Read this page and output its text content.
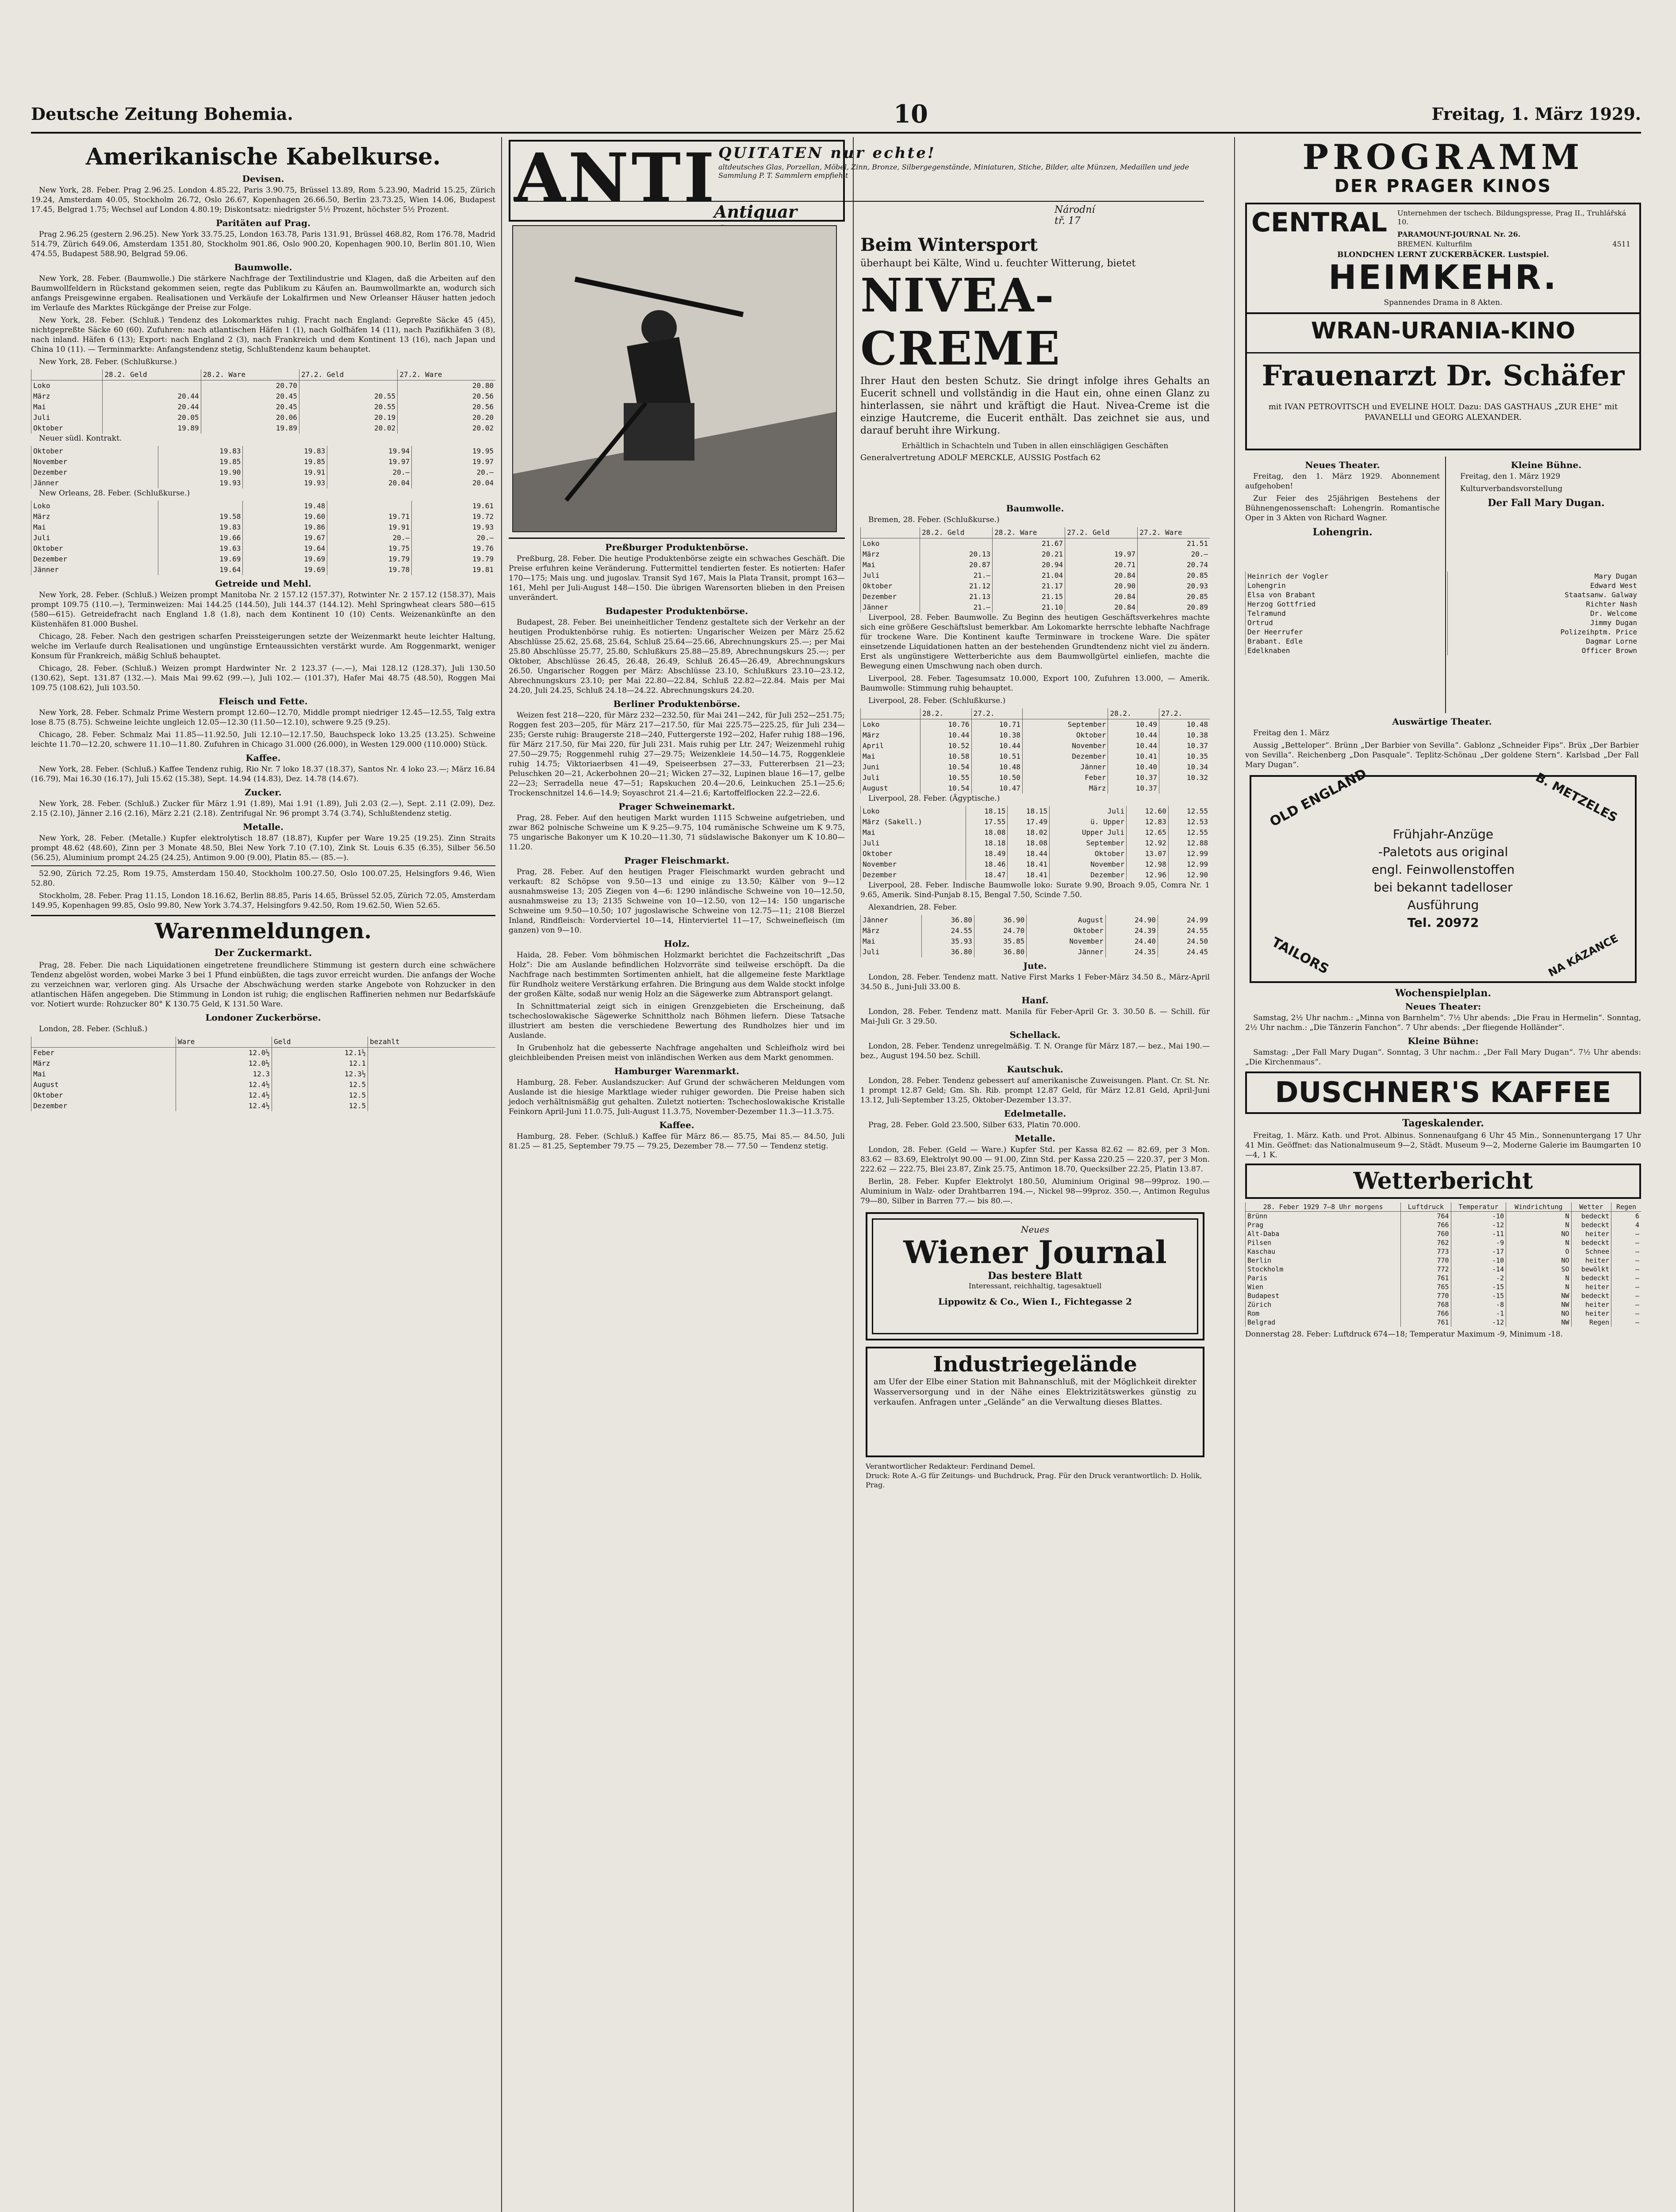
Deutsche Zeitung Bohemia.	10	Freitag, 1. März 1929.
Amerikanische Kabelkurse.
Devisen.

New York, 28. Feber. Prag 2.96.25. London 4.85.22, Paris 3.90.75, Brüssel 13.89, Rom 5.23.90, Madrid 15.25, Zürich 19.24, Amsterdam 40.05, Stockholm 26.72, Oslo 26.67, Kopenhagen 26.66.50, Berlin 23.73.25, Wien 14.06, Budapest 17.45, Belgrad 1.75; Wechsel auf London 4.80.19; Diskontsatz: niedrigster 5½ Prozent, höchster 5½ Prozent.

Paritäten auf Prag.

Prag 2.96.25 (gestern 2.96.25). New York 33.75.25, London 163.78, Paris 131.91, Brüssel 468.82, Rom 176.78, Madrid 514.79, Zürich 649.06, Amsterdam 1351.80, Stockholm 901.86, Oslo 900.20, Kopenhagen 900.10, Berlin 801.10, Wien 474.55, Budapest 588.90, Belgrad 59.06.

Baumwolle.

New York, 28. Feber. (Baumwolle.) Die stärkere Nachfrage der Textilindustrie und Klagen, daß die Arbeiten auf den Baumwollfeldern in Rückstand gekommen seien, regte das Publikum zu Käufen an. Baumwollmarkte an, wodurch sich anfangs Preisgewinne ergaben. Realisationen und Verkäufe der Lokalfirmen und New Orleanser Häuser hatten jedoch im Verlaufe des Marktes Rückgänge der Preise zur Folge.

New York, 28. Feber. (Schluß.) Tendenz des Lokomarktes ruhig. Fracht nach England: Gepreßte Säcke 45 (45), nichtgepreßte Säcke 60 (60). Zufuhren: nach atlantischen Häfen 1 (1), nach Golfhäfen 14 (11), nach Pazifikhäfen 3 (8), nach inland. Häfen 6 (13); Export: nach England 2 (3), nach Frankreich und dem Kontinent 13 (16), nach Japan und China 10 (11). — Terminmarkte: Anfangstendenz stetig, Schlußtendenz kaum behauptet.

New York, 28. Feber. (Schlußkurse.)

	28.2. Geld	28.2. Ware	27.2. Geld	27.2. Ware
Loko		20.70		20.80
März	20.44	20.45	20.55	20.56
Mai	20.44	20.45	20.55	20.56
Juli	20.05	20.06	20.19	20.20
Oktober	19.89	19.89	20.02	20.02

Neuer südl. Kontrakt.

Oktober	19.83	19.83	19.94	19.95
November	19.85	19.85	19.97	19.97
Dezember	19.90	19.91	20.—	20.—
Jänner	19.93	19.93	20.04	20.04

New Orleans, 28. Feber. (Schlußkurse.)

Loko		19.48		19.61
März	19.58	19.60	19.71	19.72
Mai	19.83	19.86	19.91	19.93
Juli	19.66	19.67	20.—	20.—
Oktober	19.63	19.64	19.75	19.76
Dezember	19.69	19.69	19.79	19.79
Jänner	19.64	19.69	19.78	19.81
Getreide und Mehl.

New York, 28. Feber. (Schluß.) Weizen prompt Manitoba Nr. 2 157.12 (157.37), Rotwinter Nr. 2 157.12 (158.37), Mais prompt 109.75 (110.—), Terminweizen: Mai 144.25 (144.50), Juli 144.37 (144.12). Mehl Springwheat clears 580—615 (580—615). Getreidefracht nach England 1.8 (1.8), nach dem Kontinent 10 (10) Cents. Weizenankünfte an den Küstenhäfen 81.000 Bushel.

Chicago, 28. Feber. Nach den gestrigen scharfen Preissteigerungen setzte der Weizenmarkt heute leichter Haltung, welche im Verlaufe durch Realisationen und ungünstige Ernteaussichten verstärkt wurde. Am Roggenmarkt, weniger Konsum für Frankreich, mäßig Schluß behauptet.

Chicago, 28. Feber. (Schluß.) Weizen prompt Hardwinter Nr. 2 123.37 (—.—), Mai 128.12 (128.37), Juli 130.50 (130.62), Sept. 131.87 (132.—). Mais Mai 99.62 (99.—), Juli 102.— (101.37), Hafer Mai 48.75 (48.50), Roggen Mai 109.75 (108.62), Juli 103.50.

Fleisch und Fette.

New York, 28. Feber. Schmalz Prime Western prompt 12.60—12.70, Middle prompt niedriger 12.45—12.55, Talg extra lose 8.75 (8.75). Schweine leichte ungleich 12.05—12.30 (11.50—12.10), schwere 9.25 (9.25).

Chicago, 28. Feber. Schmalz Mai 11.85—11.92.50, Juli 12.10—12.17.50, Bauchspeck loko 13.25 (13.25). Schweine leichte 11.70—12.20, schwere 11.10—11.80. Zufuhren in Chicago 31.000 (26.000), in Westen 129.000 (110.000) Stück.

Kaffee.

New York, 28. Feber. (Schluß.) Kaffee Tendenz ruhig, Rio Nr. 7 loko 18.37 (18.37), Santos Nr. 4 loko 23.—; März 16.84 (16.79), Mai 16.30 (16.17), Juli 15.62 (15.38), Sept. 14.94 (14.83), Dez. 14.78 (14.67).

Zucker.

New York, 28. Feber. (Schluß.) Zucker für März 1.91 (1.89), Mai 1.91 (1.89), Juli 2.03 (2.—), Sept. 2.11 (2.09), Dez. 2.15 (2.10), Jänner 2.16 (2.16), März 2.21 (2.18). Zentrifugal Nr. 96 prompt 3.74 (3.74), Schlußtendenz stetig.

Metalle.

New York, 28. Feber. (Metalle.) Kupfer elektrolytisch 18.87 (18.87), Kupfer per Ware 19.25 (19.25). Zinn Straits prompt 48.62 (48.60), Zinn per 3 Monate 48.50, Blei New York 7.10 (7.10), Zink St. Louis 6.35 (6.35), Silber 56.50 (56.25), Aluminium prompt 24.25 (24.25), Antimon 9.00 (9.00), Platin 85.— (85.—).

52.90, Zürich 72.25, Rom 19.75, Amsterdam 150.40, Stockholm 100.27.50, Oslo 100.07.25, Helsingfors 9.46, Wien 52.80.

Stockholm, 28. Feber. Prag 11.15, London 18.16.62, Berlin 88.85, Paris 14.65, Brüssel 52.05, Zürich 72.05, Amsterdam 149.95, Kopenhagen 99.85, Oslo 99.80, New York 3.74.37, Helsingfors 9.42.50, Rom 19.62.50, Wien 52.65.

Warenmeldungen.
Der Zuckermarkt.

Prag, 28. Feber. Die nach Liquidationen eingetretene freundlichere Stimmung ist gestern durch eine schwächere Tendenz abgelöst worden, wobei Marke 3 bei 1 Pfund einbüßten, die tags zuvor erreicht wurden. Die anfangs der Woche zu verzeichnen war, verloren ging. Als Ursache der Abschwächung werden starke Angebote von Rohzucker in den atlantischen Häfen angegeben. Die Stimmung in London ist ruhig; die englischen Raffinerien nehmen nur Bedarfskäufe vor. Notiert wurde: Rohzucker 80° K 130.75 Geld, K 131.50 Ware.

Londoner Zuckerbörse.

London, 28. Feber. (Schluß.)

	Ware	Geld	bezahlt
Feber	12.0½	12.1½	
März	12.0½	12.1	
Mai	12.3	12.3½	
August	12.4½	12.5	
Oktober	12.4½	12.5	
Dezember	12.4½	12.5	
ANTI QUITATEN nur echte!
altdeutsches Glas, Porzellan, Möbel, Zinn, Bronze, Silbergegenstände, Miniaturen, Stiche, Bilder, alte Münzen, Medaillen und jede Sammlung P. T. Sammlern empfiehlt
Antiquar	Národní tř. 17
Preßburger Produktenbörse.

Preßburg, 28. Feber. Die heutige Produktenbörse zeigte ein schwaches Geschäft. Die Preise erfuhren keine Veränderung. Futtermittel tendierten fester. Es notierten: Hafer 170—175; Mais ung. und jugoslav. Transit Syd 167, Mais la Plata Transit, prompt 163—161, Mehl per Juli-August 148—150. Die übrigen Warensorten blieben in den Preisen unverändert.

Budapester Produktenbörse.

Budapest, 28. Feber. Bei uneinheitlicher Tendenz gestaltete sich der Verkehr an der heutigen Produktenbörse ruhig. Es notierten: Ungarischer Weizen per März 25.62 Abschlüsse 25.62, 25.68, 25.64, Schluß 25.64—25.66, Abrechnungskurs 25.—; per Mai 25.80 Abschlüsse 25.77, 25.80, Schlußkurs 25.88—25.89, Abrechnungskurs 25.—; per Oktober, Abschlüsse 26.45, 26.48, 26.49, Schluß 26.45—26.49, Abrechnungskurs 26.50. Ungarischer Roggen per März: Abschlüsse 23.10, Schlußkurs 23.10—23.12, Abrechnungskurs 23.10; per Mai 22.80—22.84, Schluß 22.82—22.84. Mais per Mai 24.20, Juli 24.25, Schluß 24.18—24.22. Abrechnungskurs 24.20.

Berliner Produktenbörse.

Weizen fest 218—220, für März 232—232.50, für Mai 241—242, für Juli 252—251.75; Roggen fest 203—205, für März 217—217.50, für Mai 225.75—225.25, für Juli 234—235; Gerste ruhig: Braugerste 218—240, Futtergerste 192—202, Hafer ruhig 188—196, für März 217.50, für Mai 220, für Juli 231. Mais ruhig per Ltr. 247; Weizenmehl ruhig 27.50—29.75; Roggenmehl ruhig 27—29.75; Weizenkleie 14.50—14.75, Roggenkleie ruhig 14.75; Viktoriaerbsen 41—49, Speiseerbsen 27—33, Futtererbsen 21—23; Peluschken 20—21, Ackerbohnen 20—21; Wicken 27—32, Lupinen blaue 16—17, gelbe 22—23; Serradella neue 47—51; Rapskuchen 20.4—20.6, Leinkuchen 25.1—25.6; Trockenschnitzel 14.6—14.9; Soyaschrot 21.4—21.6; Kartoffelflocken 22.2—22.6.

Prager Schweinemarkt.

Prag, 28. Feber. Auf den heutigen Markt wurden 1115 Schweine aufgetrieben, und zwar 862 polnische Schweine um K 9.25—9.75, 104 rumänische Schweine um K 9.75, 75 ungarische Bakonyer um K 10.20—11.30, 71 südslawische Bakonyer um K 10.80—11.20.

Prager Fleischmarkt.

Prag, 28. Feber. Auf den heutigen Prager Fleischmarkt wurden gebracht und verkauft: 82 Schöpse von 9.50—13 und einige zu 13.50; Kälber von 9—12 ausnahmsweise 13; 205 Ziegen von 4—6: 1290 inländische Schweine von 10—12.50, ausnahmsweise zu 13; 2135 Schweine von 10—12.50, von 12—14: 150 ungarische Schweine um 9.50—10.50; 107 jugoslawische Schweine von 12.75—11; 2108 Bierzel Inland, Rindfleisch: Vorderviertel 10—14, Hinterviertel 11—17, Schweinefleisch (im ganzen) von 9—10.

Holz.

Haida, 28. Feber. Vom böhmischen Holzmarkt berichtet die Fachzeitschrift „Das Holz“: Die am Auslande befindlichen Holzvorräte sind teilweise erschöpft. Da die Nachfrage nach bestimmten Sortimenten anhielt, hat die allgemeine feste Marktlage für Rundholz weitere Verstärkung erfahren. Die Bringung aus dem Walde stockt infolge der großen Kälte, sodaß nur wenig Holz an die Sägewerke zum Abtransport gelangt.

In Schnittmaterial zeigt sich in einigen Grenzgebieten die Erscheinung, daß tschechoslowakische Sägewerke Schnittholz nach Böhmen liefern. Diese Tatsache illustriert am besten die verschiedene Bewertung des Rundholzes hier und im Auslande.

In Grubenholz hat die gebesserte Nachfrage angehalten und Schleifholz wird bei gleichbleibenden Preisen meist von inländischen Werken aus dem Markt genommen.

Hamburger Warenmarkt.

Hamburg, 28. Feber. Auslandszucker: Auf Grund der schwächeren Meldungen vom Auslande ist die hiesige Marktlage wieder ruhiger geworden. Die Preise haben sich jedoch verhältnismäßig gut gehalten. Zuletzt notierten: Tschechoslowakische Kristalle Feinkorn April-Juni 11.0.75, Juli-August 11.3.75, November-Dezember 11.3—11.3.75.

Kaffee.

Hamburg, 28. Feber. (Schluß.) Kaffee für März 86.— 85.75, Mai 85.— 84.50, Juli 81.25 — 81.25, September 79.75 — 79.25, Dezember 78.— 77.50 — Tendenz stetig.

Beim Wintersport
überhaupt bei Kälte, Wind u. feuchter Witterung, bietet
NIVEA-CREME
Ihrer Haut den besten Schutz. Sie dringt infolge ihres Gehalts an Eucerit schnell und vollständig in die Haut ein, ohne einen Glanz zu hinterlassen, sie nährt und kräftigt die Haut. Nivea-Creme ist die einzige Hautcreme, die Eucerit enthält. Das zeichnet sie aus, und darauf beruht ihre Wirkung.
Erhältlich in Schachteln und Tuben in allen einschlägigen Geschäften
Generalvertretung ADOLF MERCKLE, AUSSIG Postfach 62
Baumwolle.

Bremen, 28. Feber. (Schlußkurse.)

	28.2. Geld	28.2. Ware	27.2. Geld	27.2. Ware
Loko		21.67		21.51
März	20.13	20.21	19.97	20.—
Mai	20.87	20.94	20.71	20.74
Juli	21.—	21.04	20.84	20.85
Oktober	21.12	21.17	20.90	20.93
Dezember	21.13	21.15	20.84	20.85
Jänner	21.—	21.10	20.84	20.89

Liverpool, 28. Feber. Baumwolle. Zu Beginn des heutigen Geschäftsverkehres machte sich eine größere Geschäftslust bemerkbar. Am Lokomarkte herrschte lebhafte Nachfrage für trockene Ware. Die Kontinent kaufte Terminware in trockene Ware. Die später einsetzende Liquidationen hatten an der bestehenden Grundtendenz nicht viel zu ändern. Erst als ungünstigere Wetterberichte aus dem Baumwollgürtel einliefen, machte die Bewegung einen Umschwung nach oben durch.

Liverpool, 28. Feber. Tagesumsatz 10.000, Export 100, Zufuhren 13.000, — Amerik. Baumwolle: Stimmung ruhig behauptet.

Liverpool, 28. Feber. (Schlußkurse.)

	28.2.	27.2.		28.2.	27.2.
Loko	10.76	10.71	September	10.49	10.48
März	10.44	10.38	Oktober	10.44	10.38
April	10.52	10.44	November	10.44	10.37
Mai	10.58	10.51	Dezember	10.41	10.35
Juni	10.54	10.48	Jänner	10.40	10.34
Juli	10.55	10.50	Feber	10.37	10.32
August	10.54	10.47	März	10.37	

Liverpool, 28. Feber. (Ägyptische.)

Loko	18.15	18.15	Juli	12.60	12.55
März (Sakell.)	17.55	17.49	ü. Upper	12.83	12.53
Mai	18.08	18.02	Upper Juli	12.65	12.55
Juli	18.18	18.08	September	12.92	12.88
Oktober	18.49	18.44	Oktober	13.07	12.99
November	18.46	18.41	November	12.98	12.99
Dezember	18.47	18.41	Dezember	12.96	12.90

Liverpool, 28. Feber. Indische Baumwolle loko: Surate 9.90, Broach 9.05, Comra Nr. 1 9.65, Amerik. Sind-Punjab 8.15, Bengal 7.50, Scinde 7.50.

Alexandrien, 28. Feber.

Jänner	36.80	36.90	August	24.90	24.99
März	24.55	24.70	Oktober	24.39	24.55
Mai	35.93	35.85	November	24.40	24.50
Juli	36.80	36.80	Jänner	24.35	24.45
Jute.

London, 28. Feber. Tendenz matt. Native First Marks 1 Feber-März 34.50 ß., März-April 34.50 ß., Juni-Juli 33.00 ß.

Hanf.

London, 28. Feber. Tendenz matt. Manila für Feber-April Gr. 3. 30.50 ß. — Schill. für Mai-Juli Gr. 3 29.50.

Schellack.

London, 28. Feber. Tendenz unregelmäßig. T. N. Orange für März 187.— bez., Mai 190.— bez., August 194.50 bez. Schill.

Kautschuk.

London, 28. Feber. Tendenz gebessert auf amerikanische Zuweisungen. Plant. Cr. St. Nr. 1 prompt 12.87 Geld; Gm. Sh. Rib. prompt 12.87 Geld, für März 12.81 Geld, April-Juni 13.12, Juli-September 13.25, Oktober-Dezember 13.37.

Edelmetalle.

Prag, 28. Feber. Gold 23.500, Silber 633, Platin 70.000.

Metalle.

London, 28. Feber. (Geld — Ware.) Kupfer Std. per Kassa 82.62 — 82.69, per 3 Mon. 83.62 — 83.69, Elektrolyt 90.00 — 91.00, Zinn Std. per Kassa 220.25 — 220.37, per 3 Mon. 222.62 — 222.75, Blei 23.87, Zink 25.75, Antimon 18.70, Quecksilber 22.25, Platin 13.87.

Berlin, 28. Feber. Kupfer Elektrolyt 180.50, Aluminium Original 98—99proz. 190.— Aluminium in Walz- oder Drahtbarren 194.—, Nickel 98—99proz. 350.—, Antimon Regulus 79—80, Silber in Barren 77.— bis 80.—.

Neues
Wiener Journal
Das bestere Blatt
Interessant, reichhaltig, tagesaktuell
Lippowitz & Co., Wien I., Fichtegasse 2
Industriegelände
am Ufer der Elbe einer Station mit Bahnanschluß, mit der Möglichkeit direkter Wasserversorgung und in der Nähe eines Elektrizitätswerkes günstig zu verkaufen. Anfragen unter „Gelände“ an die Verwaltung dieses Blattes.
Verantwortlicher Redakteur: Ferdinand Demel.
Druck: Rote A.-G für Zeitungs- und Buchdruck, Prag. Für den Druck verantwortlich: D. Holik, Prag.
PROGRAMM
DER PRAGER KINOS
CENTRAL Unternehmen der tschech. Bildungspresse, Prag II., Truhlářská 10.
PARAMOUNT-JOURNAL Nr. 26.
BREMEN. Kulturfilm	4511
BLONDCHEN LERNT ZUCKERBÄCKER. Lustspiel.
HEIMKEHR.
Spannendes Drama in 8 Akten.
WRAN-URANIA-KINO
Frauenarzt Dr. Schäfer
mit IVAN PETROVITSCH und EVELINE HOLT. Dazu: DAS GASTHAUS „ZUR EHE“ mit PAVANELLI und GEORG ALEXANDER.
Neues Theater.

Freitag, den 1. März 1929. Abonnement aufgehoben!

Zur Feier des 25jährigen Bestehens der Bühnengenossenschaft: Lohengrin. Romantische Oper in 3 Akten von Richard Wagner.

Lohengrin.
Kleine Bühne.

Freitag, den 1. März 1929

Kulturverbandsvorstellung

Der Fall Mary Dugan.
Heinrich der Vogler	Mary Dugan
Lohengrin	Edward West
Elsa von Brabant	Staatsanw. Galway
Herzog Gottfried	Richter Nash
Telramund	Dr. Welcome
Ortrud	Jimmy Dugan
Der Heerrufer	Polizeihptm. Price
Brabant. Edle	Dagmar Lorne
Edelknaben	Officer Brown
Auswärtige Theater.

Freitag den 1. März

Aussig „Betteloper“. Brünn „Der Barbier von Sevilla“. Gablonz „Schneider Fips“. Brüx „Der Barbier von Sevilla“. Reichenberg „Don Pasquale“. Teplitz-Schönau „Der goldene Stern“. Karlsbad „Der Fall Mary Dugan“.

OLD ENGLAND	B. METZELES
Frühjahr-Anzüge
-Paletots aus original
engl. Feinwollenstoffen
bei bekannt tadelloser
Ausführung
Tel. 20972
TAILORS	NA KÁZANCE
Wochenspielplan.
Neues Theater:

Samstag, 2½ Uhr nachm.: „Minna von Barnhelm“. 7½ Uhr abends: „Die Frau in Hermelin“. Sonntag, 2½ Uhr nachm.: „Die Tänzerin Fanchon“. 7 Uhr abends: „Der fliegende Holländer“.

Kleine Bühne:

Samstag: „Der Fall Mary Dugan“. Sonntag, 3 Uhr nachm.: „Der Fall Mary Dugan“. 7½ Uhr abends: „Die Kirchenmaus“.

DUSCHNER'S KAFFEE
Tageskalender.

Freitag, 1. März. Kath. und Prot. Albinus. Sonnenaufgang 6 Uhr 45 Min., Sonnenuntergang 17 Uhr 41 Min. Geöffnet: das Nationalmuseum 9—2, Städt. Museum 9—2, Moderne Galerie im Baumgarten 10—4, 1 K.

Wetterbericht
28. Feber 1929 7—8 Uhr morgens	Luftdruck	Temperatur	Windrichtung	Wetter	Regen
Brünn	764	-10	N	bedeckt	6
Prag	766	-12	N	bedeckt	4
Alt-Daba	760	-11	NO	heiter	—
Pilsen	762	-9	N	bedeckt	—
Kaschau	773	-17	O	Schnee	—
Berlin	770	-10	NO	heiter	—
Stockholm	772	-14	SO	bewölkt	—
Paris	761	-2	N	bedeckt	—
Wien	765	-15	N	heiter	—
Budapest	770	-15	NW	bedeckt	—
Zürich	768	-8	NW	heiter	—
Rom	766	-1	NO	heiter	—
Belgrad	761	-12	NW	Regen	—
Donnerstag 28. Feber: Luftdruck 674—18; Temperatur Maximum -9, Minimum -18.
